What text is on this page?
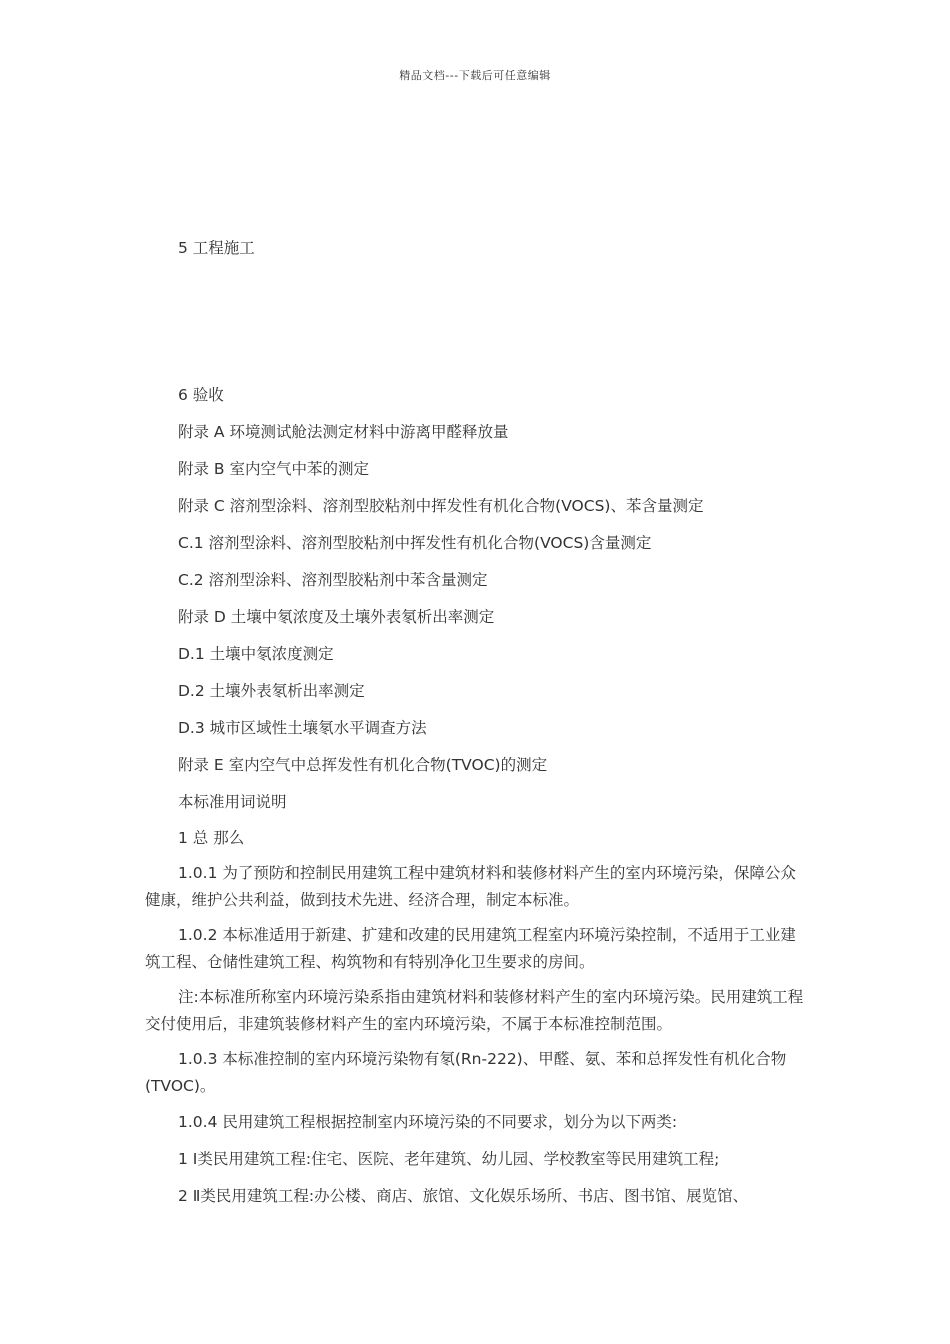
精品文档---下载后可任意编辑
5 工程施工
6 验收
附录 A 环境测试舱法测定材料中游离甲醛释放量
附录 B 室内空气中苯的测定
附录 C 溶剂型涂料、溶剂型胶粘剂中挥发性有机化合物(VOCS)、苯含量测定
C.1 溶剂型涂料、溶剂型胶粘剂中挥发性有机化合物(VOCS)含量测定
C.2 溶剂型涂料、溶剂型胶粘剂中苯含量测定
附录 D 土壤中氡浓度及土壤外表氡析出率测定
D.1 土壤中氡浓度测定
D.2 土壤外表氡析出率测定
D.3 城市区域性土壤氡水平调查方法
附录 E 室内空气中总挥发性有机化合物(TVOC)的测定
本标准用词说明
1 总 那么
1.0.1 为了预防和控制民用建筑工程中建筑材料和装修材料产生的室内环境污染，保障公众健康，维护公共利益，做到技术先进、经济合理，制定本标准。
1.0.2 本标准适用于新建、扩建和改建的民用建筑工程室内环境污染控制，不适用于工业建筑工程、仓储性建筑工程、构筑物和有特别净化卫生要求的房间。
注:本标准所称室内环境污染系指由建筑材料和装修材料产生的室内环境污染。民用建筑工程交付使用后，非建筑装修材料产生的室内环境污染，不属于本标准控制范围。
1.0.3 本标准控制的室内环境污染物有氡(Rn-222)、甲醛、氨、苯和总挥发性有机化合物(TVOC)。
1.0.4 民用建筑工程根据控制室内环境污染的不同要求，划分为以下两类:
1 Ⅰ类民用建筑工程:住宅、医院、老年建筑、幼儿园、学校教室等民用建筑工程;
2 Ⅱ类民用建筑工程:办公楼、商店、旅馆、文化娱乐场所、书店、图书馆、展览馆、
